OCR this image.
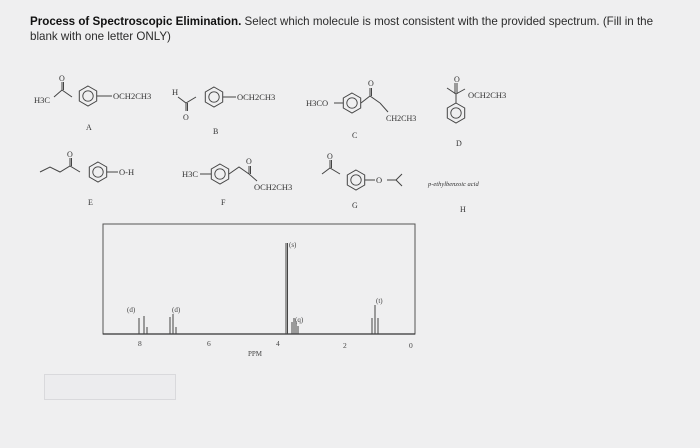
Process of Spectroscopic Elimination. Select which molecule is most consistent with the provided spectrum. (Fill in the blank with one letter ONLY)
H3C
O
OCH2CH3
A
H
O
OCH2CH3
B
H3CO
O
CH2CH3
C
O
OCH2CH3
D
O
O-H
E
H3C
O
OCH2CH3
F
O
O
G
p-ethylbenzoic acid
H
(d)	(d)
(s)
(q)
(t)
8	6	4	2	0
PPM
